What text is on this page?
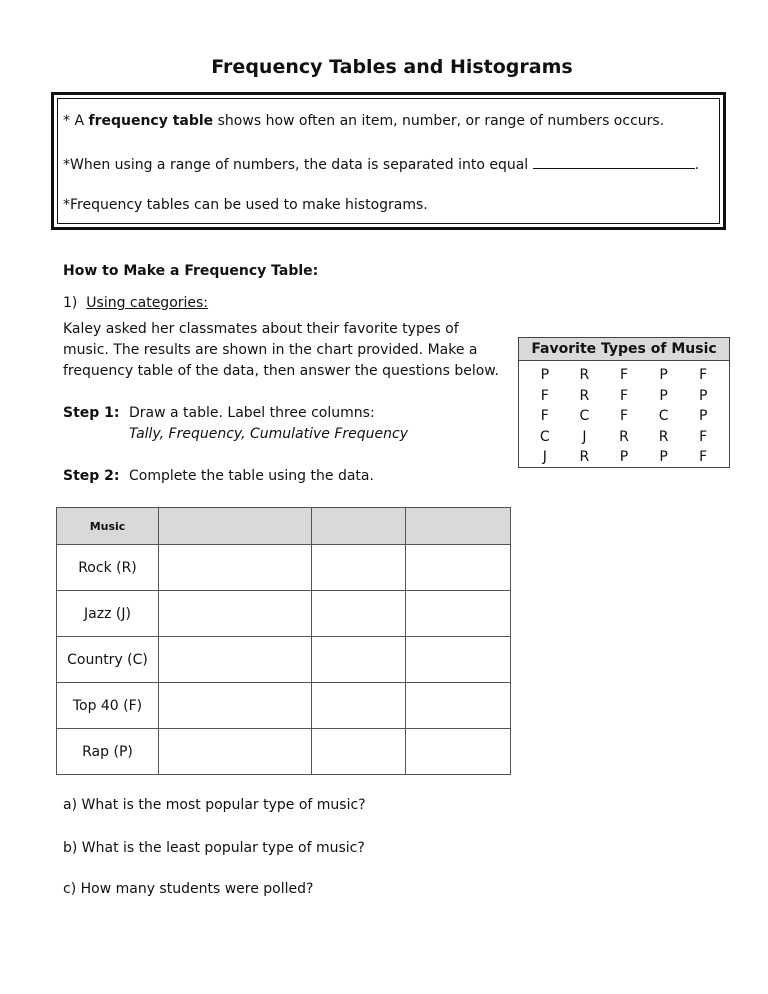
Frequency Tables and Histograms
* A frequency table shows how often an item, number, or range of numbers occurs.
*When using a range of numbers, the data is separated into equal	.
*Frequency tables can be used to make histograms.
How to Make a Frequency Table:
1) Using categories:
Kaley asked her classmates about their favorite types of
music. The results are shown in the chart provided. Make a
frequency table of the data, then answer the questions below.
Step 1: Draw a table. Label three columns:
Tally, Frequency, Cumulative Frequency
Step 2: Complete the table using the data.
Favorite Types of Music
P	R	F	P	F
F	R	F	P	P
F	C	F	C	P
C	J	R	R	F
J	R	P	P	F
Music			
Rock (R)			
Jazz (J)			
Country (C)			
Top 40 (F)			
Rap (P)			
a) What is the most popular type of music?
b) What is the least popular type of music?
c) How many students were polled?
